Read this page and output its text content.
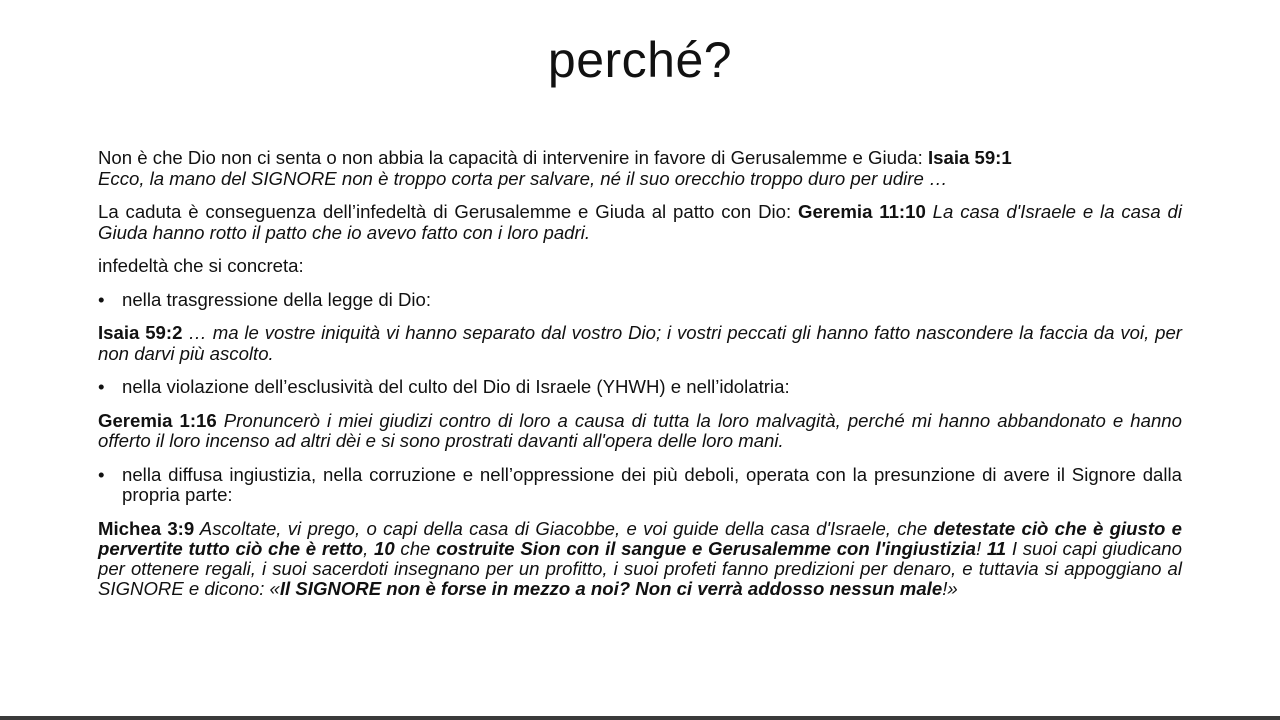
perché?

Non è che Dio non ci senta o non abbia la capacità di intervenire in favore di Gerusalemme e Giuda: Isaia 59:1
Ecco, la mano del SIGNORE non è troppo corta per salvare, né il suo orecchio troppo duro per udire …

La caduta è conseguenza dell’infedeltà di Gerusalemme e Giuda al patto con Dio: Geremia 11:10 La casa d'Israele e la casa di Giuda hanno rotto il patto che io avevo fatto con i loro padri.

infedeltà che si concreta:

• nella trasgressione della legge di Dio:

Isaia 59:2 … ma le vostre iniquità vi hanno separato dal vostro Dio; i vostri peccati gli hanno fatto nascondere la faccia da voi, per non darvi più ascolto.

• nella violazione dell’esclusività del culto del Dio di Israele (YHWH) e nell’idolatria:

Geremia 1:16 Pronuncerò i miei giudizi contro di loro a causa di tutta la loro malvagità, perché mi hanno abbandonato e hanno offerto il loro incenso ad altri dèi e si sono prostrati davanti all'opera delle loro mani.

• nella diffusa ingiustizia, nella corruzione e nell’oppressione dei più deboli, operata con la presunzione di avere il Signore dalla propria parte:

Michea 3:9 Ascoltate, vi prego, o capi della casa di Giacobbe, e voi guide della casa d'Israele, che detestate ciò che è giusto e pervertite tutto ciò che è retto, 10 che costruite Sion con il sangue e Gerusalemme con l'ingiustizia! 11 I suoi capi giudicano per ottenere regali, i suoi sacerdoti insegnano per un profitto, i suoi profeti fanno predizioni per denaro, e tuttavia si appoggiano al SIGNORE e dicono: «Il SIGNORE non è forse in mezzo a noi? Non ci verrà addosso nessun male!»
